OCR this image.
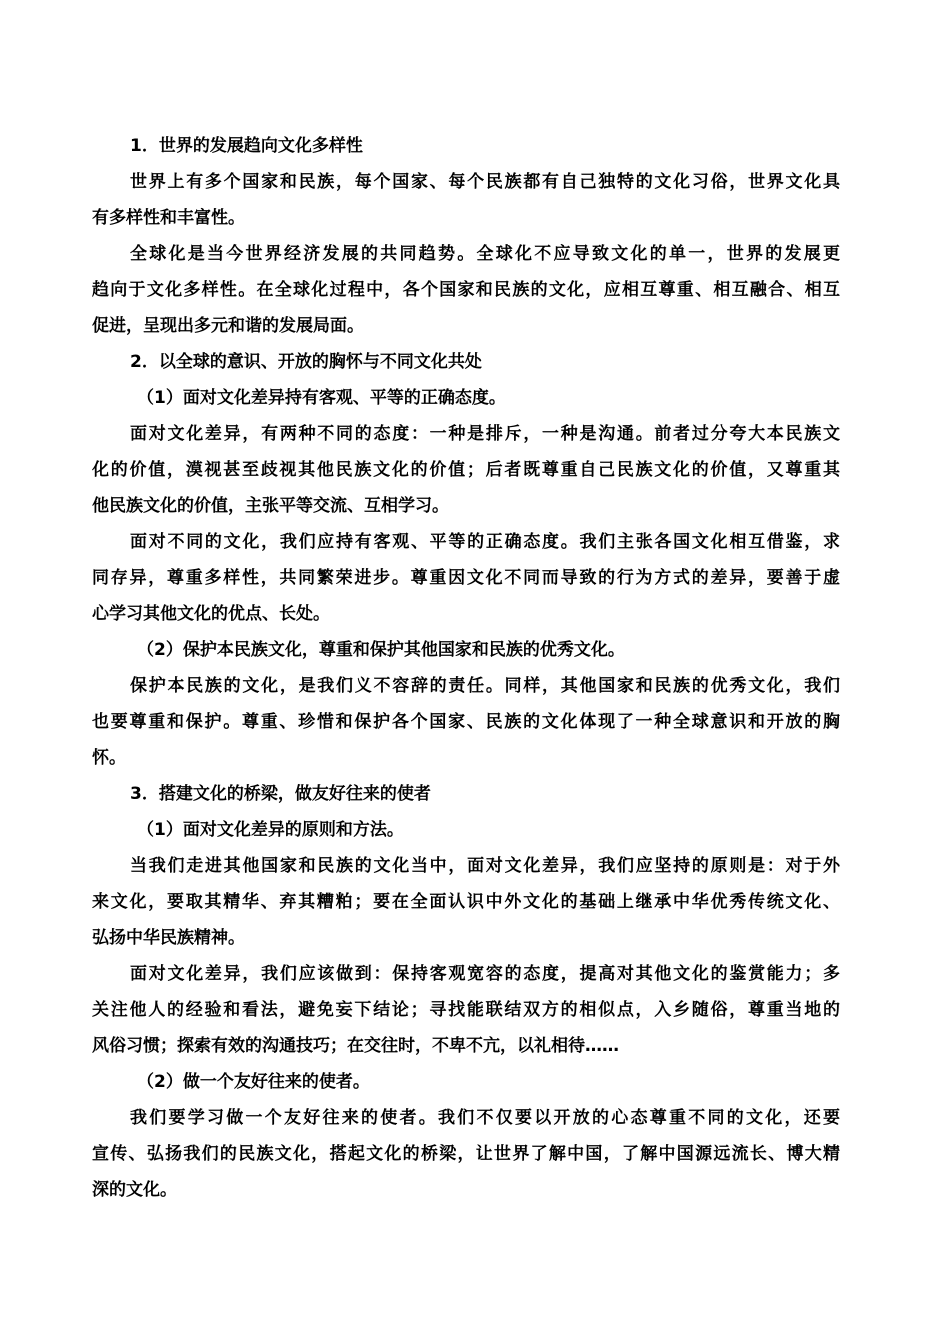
1．世界的发展趋向文化多样性
世界上有多个国家和民族，每个国家、每个民族都有自己独特的文化习俗，世界文化具
有多样性和丰富性。
全球化是当今世界经济发展的共同趋势。全球化不应导致文化的单一，世界的发展更
趋向于文化多样性。在全球化过程中，各个国家和民族的文化，应相互尊重、相互融合、相互
促进，呈现出多元和谐的发展局面。
2．以全球的意识、开放的胸怀与不同文化共处
（1）面对文化差异持有客观、平等的正确态度。
面对文化差异，有两种不同的态度：一种是排斥，一种是沟通。前者过分夸大本民族文
化的价值，漠视甚至歧视其他民族文化的价值；后者既尊重自己民族文化的价值，又尊重其
他民族文化的价值，主张平等交流、互相学习。
面对不同的文化，我们应持有客观、平等的正确态度。我们主张各国文化相互借鉴，求
同存异，尊重多样性，共同繁荣进步。尊重因文化不同而导致的行为方式的差异，要善于虚
心学习其他文化的优点、长处。
（2）保护本民族文化，尊重和保护其他国家和民族的优秀文化。
保护本民族的文化，是我们义不容辞的责任。同样，其他国家和民族的优秀文化，我们
也要尊重和保护。尊重、珍惜和保护各个国家、民族的文化体现了一种全球意识和开放的胸
怀。
3．搭建文化的桥梁，做友好往来的使者
（1）面对文化差异的原则和方法。
当我们走进其他国家和民族的文化当中，面对文化差异，我们应坚持的原则是：对于外
来文化，要取其精华、弃其糟粕；要在全面认识中外文化的基础上继承中华优秀传统文化、
弘扬中华民族精神。
面对文化差异，我们应该做到：保持客观宽容的态度，提高对其他文化的鉴赏能力；多
关注他人的经验和看法，避免妄下结论；寻找能联结双方的相似点，入乡随俗，尊重当地的
风俗习惯；探索有效的沟通技巧；在交往时，不卑不亢，以礼相待……
（2）做一个友好往来的使者。
我们要学习做一个友好往来的使者。我们不仅要以开放的心态尊重不同的文化，还要
宣传、弘扬我们的民族文化，搭起文化的桥梁，让世界了解中国，了解中国源远流长、博大精
深的文化。
